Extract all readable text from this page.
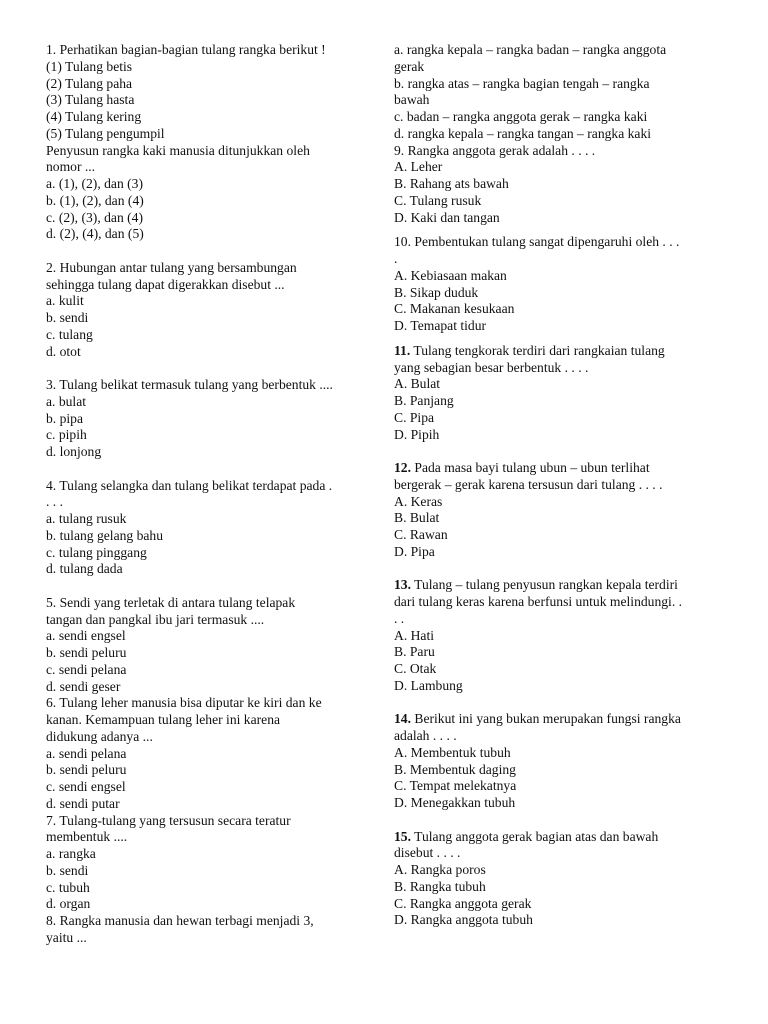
1. Perhatikan bagian-bagian tulang rangka berikut !
(1) Tulang betis
(2) Tulang paha
(3) Tulang hasta
(4) Tulang kering
(5) Tulang pengumpil
Penyusun rangka kaki manusia ditunjukkan oleh
nomor ...
a. (1), (2), dan (3)
b. (1), (2), dan (4)
c. (2), (3), dan (4)
d. (2), (4), dan (5)
2. Hubungan antar tulang yang bersambungan
sehingga tulang dapat digerakkan disebut ...
a. kulit
b. sendi
c. tulang
d. otot
3. Tulang belikat termasuk tulang yang berbentuk ....
a. bulat
b. pipa
c. pipih
d. lonjong
4. Tulang selangka dan tulang belikat terdapat pada .
. . .
a. tulang rusuk
b. tulang gelang bahu
c. tulang pinggang
d. tulang dada
5. Sendi yang terletak di antara tulang telapak
tangan dan pangkal ibu jari termasuk ....
a. sendi engsel
b. sendi peluru
c. sendi pelana
d. sendi geser
6. Tulang leher manusia bisa diputar ke kiri dan ke
kanan. Kemampuan tulang leher ini karena
didukung adanya ...
a. sendi pelana
b. sendi peluru
c. sendi engsel
d. sendi putar
7. Tulang-tulang yang tersusun secara teratur
membentuk ....
a. rangka
b. sendi
c. tubuh
d. organ
8. Rangka manusia dan hewan terbagi menjadi 3,
yaitu ...
a. rangka kepala – rangka badan – rangka anggota
gerak
b. rangka atas – rangka bagian tengah – rangka
bawah
c. badan – rangka anggota gerak – rangka kaki
d. rangka kepala – rangka tangan – rangka kaki
9. Rangka anggota gerak adalah . . . .
A. Leher
B. Rahang ats bawah
C. Tulang rusuk
D. Kaki dan tangan
10. Pembentukan tulang sangat dipengaruhi oleh . . .
.
A. Kebiasaan makan
B. Sikap duduk
C. Makanan kesukaan
D. Temapat tidur
11. Tulang tengkorak terdiri dari rangkaian tulang
yang sebagian besar berbentuk . . . .
A. Bulat
B. Panjang
C. Pipa
D. Pipih
12. Pada masa bayi tulang ubun – ubun terlihat
bergerak – gerak karena tersusun dari tulang . . . .
A. Keras
B. Bulat
C. Rawan
D. Pipa
13. Tulang – tulang penyusun rangkan kepala terdiri
dari tulang keras karena berfunsi untuk melindungi. .
. .
A. Hati
B. Paru
C. Otak
D. Lambung
14. Berikut ini yang bukan merupakan fungsi rangka
adalah . . . .
A. Membentuk tubuh
B. Membentuk daging
C. Tempat melekatnya
D. Menegakkan tubuh
15. Tulang anggota gerak bagian atas dan bawah
disebut . . . .
A. Rangka poros
B. Rangka tubuh
C. Rangka anggota gerak
D. Rangka anggota tubuh
